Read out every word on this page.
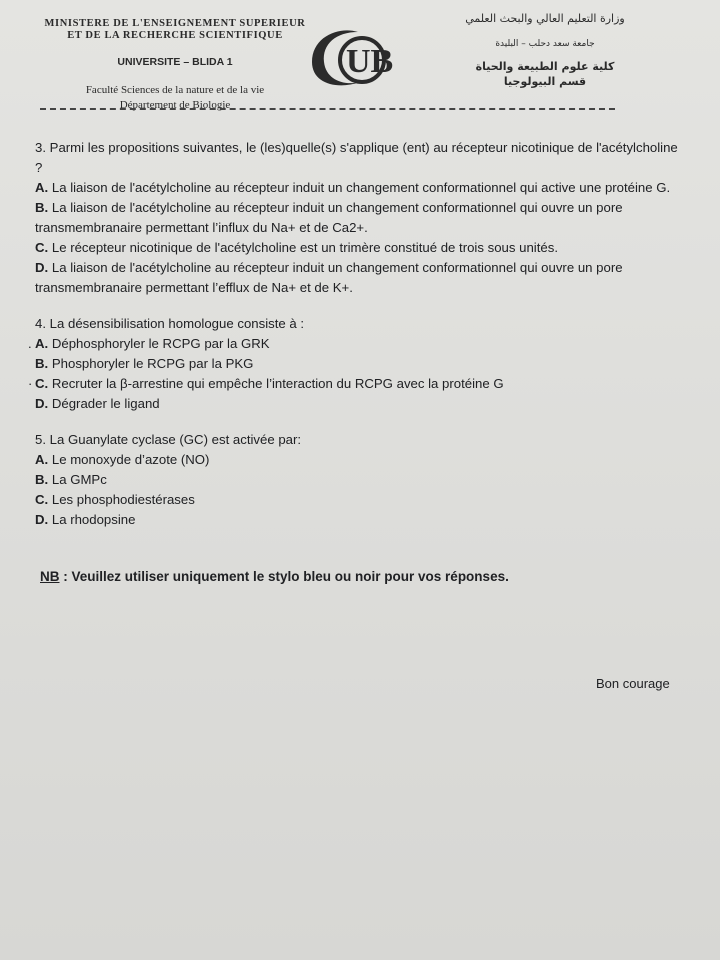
MINISTERE DE L'ENSEIGNEMENT SUPERIEUR
ET DE LA RECHERCHE SCIENTIFIQUE
UNIVERSITE – BLIDA 1
Faculté Sciences de la nature et de la vie
Département de Biologie
UB
وزارة التعليم العالي والبحث العلمي
جامعة سعد دحلب – البليدة
كلية علوم الطبيعة والحياة
قسم البيولوجيا

3. Parmi les propositions suivantes, le (les)quelle(s) s'applique (ent) au récepteur nicotinique de l'acétylcholine ?

A. La liaison de l'acétylcholine au récepteur induit un changement conformationnel qui active une protéine G.

B. La liaison de l'acétylcholine au récepteur induit un changement conformationnel qui ouvre un pore transmembranaire permettant l’influx du Na+ et de Ca2+.

C. Le récepteur nicotinique de l'acétylcholine est un trimère constitué de trois sous unités.

D. La liaison de l'acétylcholine au récepteur induit un changement conformationnel qui ouvre un pore transmembranaire permettant l’efflux de Na+ et de K+.

4. La désensibilisation homologue consiste à :

. A. Déphosphoryler le RCPG par la GRK

B. Phosphoryler le RCPG par la PKG

· C. Recruter la β-arrestine qui empêche l’interaction du RCPG avec la protéine G

D. Dégrader le ligand

5. La Guanylate cyclase (GC) est activée par:

A. Le monoxyde d’azote (NO)

B. La GMPc

C. Les phosphodiestérases

D. La rhodopsine

NB : Veuillez utiliser uniquement le stylo bleu ou noir pour vos réponses.
Bon courage
